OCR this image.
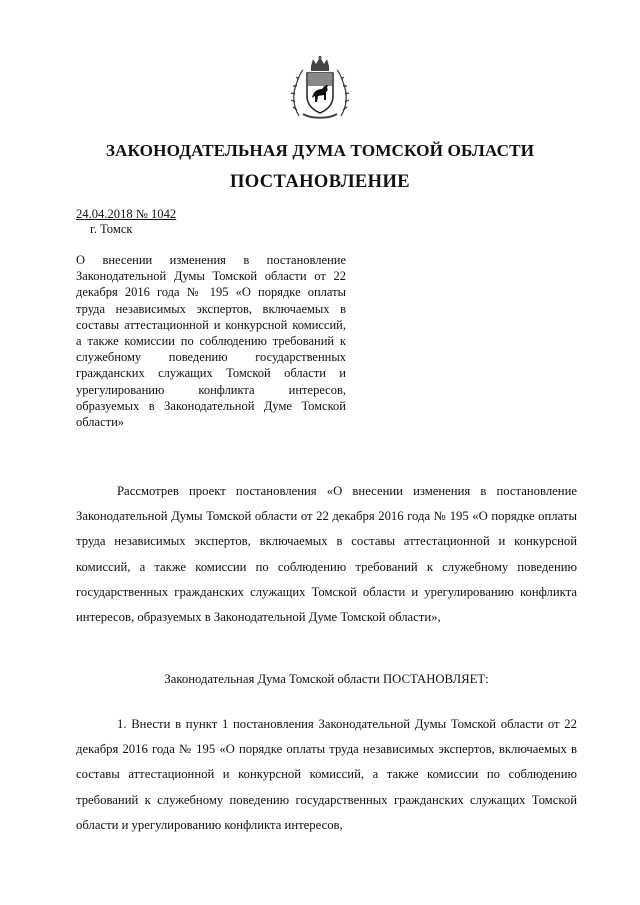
ЗАКОНОДАТЕЛЬНАЯ ДУМА ТОМСКОЙ ОБЛАСТИ
ПОСТАНОВЛЕНИЕ
24.04.2018 № 1042
г. Томск
О внесении изменения в постановление Законодательной Думы Томской области от 22 декабря 2016 года № 195 «О порядке оплаты труда независимых экспертов, включаемых в составы аттестационной и конкурсной комиссий, а также комиссии по соблюдению требований к служебному поведению государственных гражданских служащих Томской области и урегулированию конфликта интересов, образуемых в Законодательной Думе Томской области»

Рассмотрев проект постановления «О внесении изменения в постановление Законодательной Думы Томской области от 22 декабря 2016 года № 195 «О порядке оплаты труда независимых экспертов, включаемых в составы аттестационной и конкурсной комиссий, а также комиссии по соблюдению требований к служебному поведению государственных гражданских служащих Томской области и урегулированию конфликта интересов, образуемых в Законодательной Думе Томской области»,

Законодательная Дума Томской области ПОСТАНОВЛЯЕТ:

1. Внести в пункт 1 постановления Законодательной Думы Томской области от 22 декабря 2016 года № 195 «О порядке оплаты труда независимых экспертов, включаемых в составы аттестационной и конкурсной комиссий, а также комиссии по соблюдению требований к служебному поведению государственных гражданских служащих Томской области и урегулированию конфликта интересов,
